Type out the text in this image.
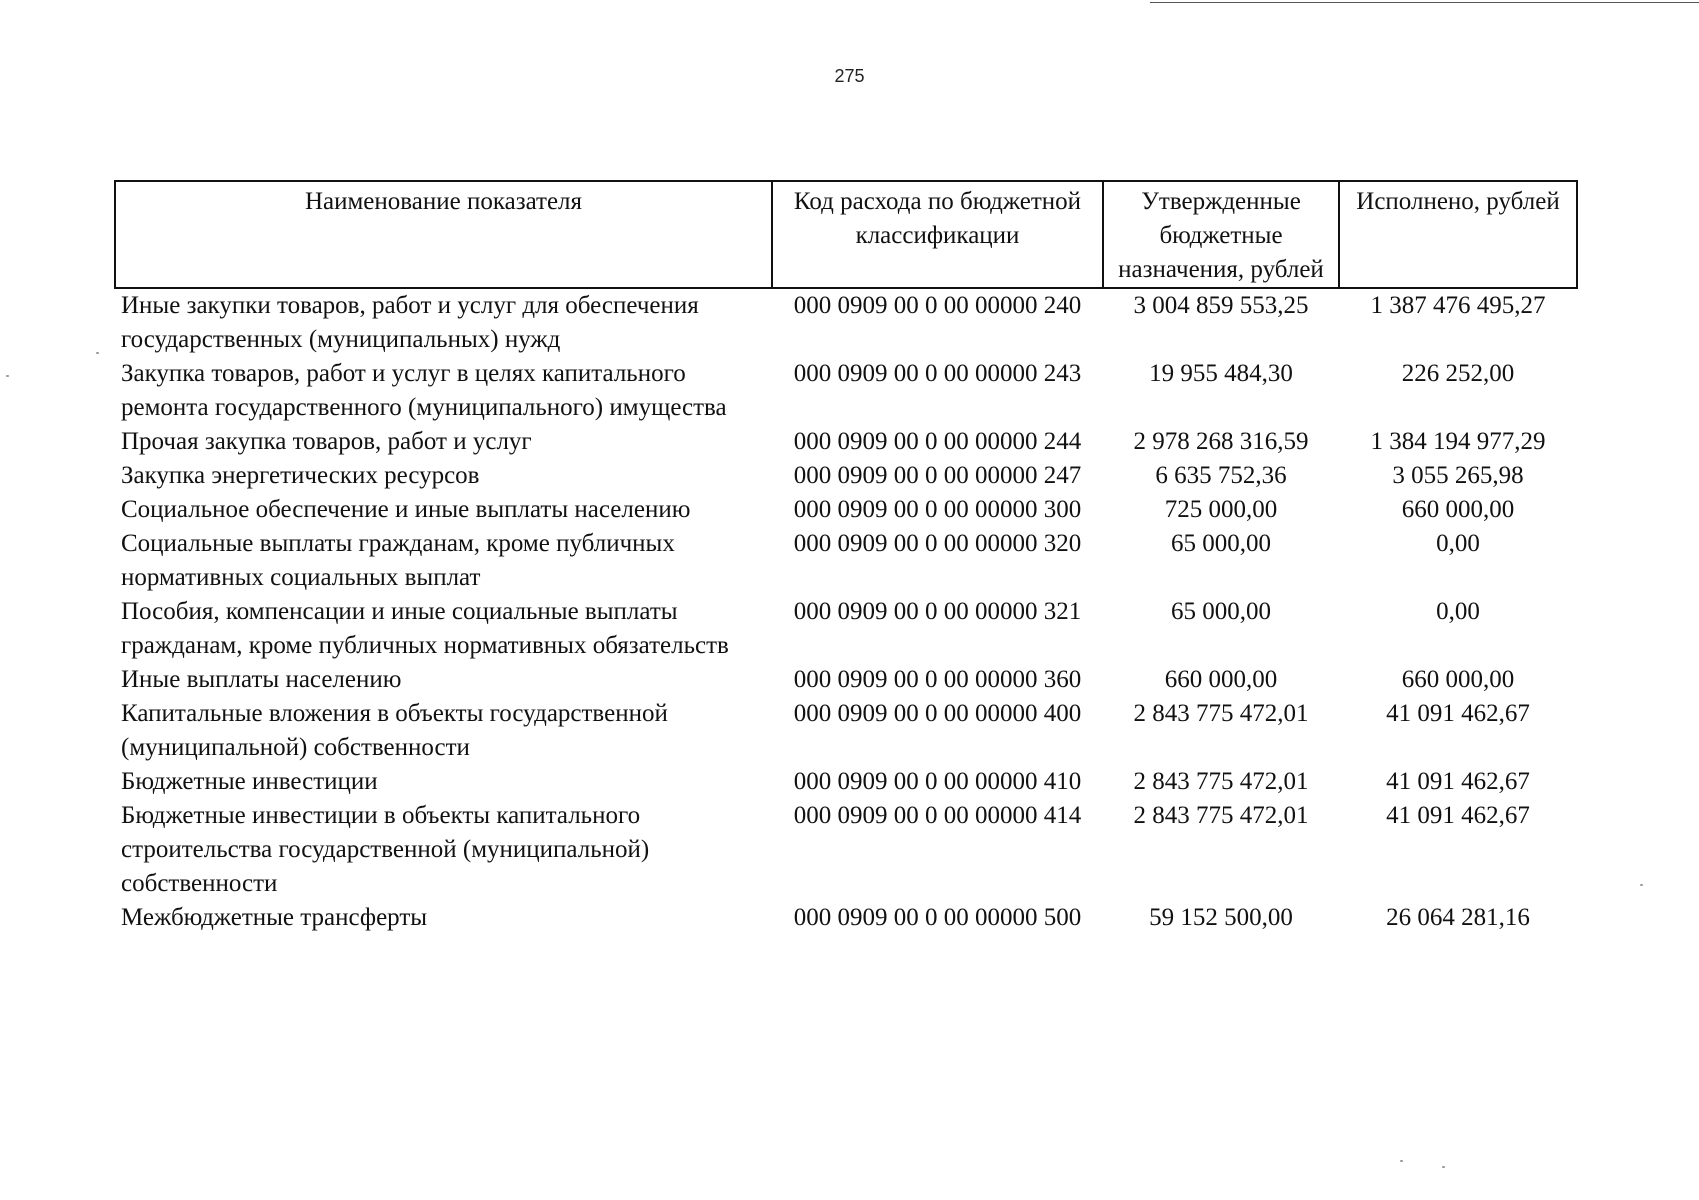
275
Наименование показателя	Код расхода по бюджетной классификации	Утвержденные бюджетные назначения, рублей	Исполнено, рублей
Иные закупки товаров, работ и услуг для обеспечения государственных (муниципальных) нужд	000 0909 00 0 00 00000 240	3 004 859 553,25	1 387 476 495,27
Закупка товаров, работ и услуг в целях капитального ремонта государственного (муниципального) имущества	000 0909 00 0 00 00000 243	19 955 484,30	226 252,00
Прочая закупка товаров, работ и услуг	000 0909 00 0 00 00000 244	2 978 268 316,59	1 384 194 977,29
Закупка энергетических ресурсов	000 0909 00 0 00 00000 247	6 635 752,36	3 055 265,98
Социальное обеспечение и иные выплаты населению	000 0909 00 0 00 00000 300	725 000,00	660 000,00
Социальные выплаты гражданам, кроме публичных нормативных социальных выплат	000 0909 00 0 00 00000 320	65 000,00	0,00
Пособия, компенсации и иные социальные выплаты гражданам, кроме публичных нормативных обязательств	000 0909 00 0 00 00000 321	65 000,00	0,00
Иные выплаты населению	000 0909 00 0 00 00000 360	660 000,00	660 000,00
Капитальные вложения в объекты государственной (муниципальной) собственности	000 0909 00 0 00 00000 400	2 843 775 472,01	41 091 462,67
Бюджетные инвестиции	000 0909 00 0 00 00000 410	2 843 775 472,01	41 091 462,67
Бюджетные инвестиции в объекты капитального строительства государственной (муниципальной) собственности	000 0909 00 0 00 00000 414	2 843 775 472,01	41 091 462,67
Межбюджетные трансферты	000 0909 00 0 00 00000 500	59 152 500,00	26 064 281,16
